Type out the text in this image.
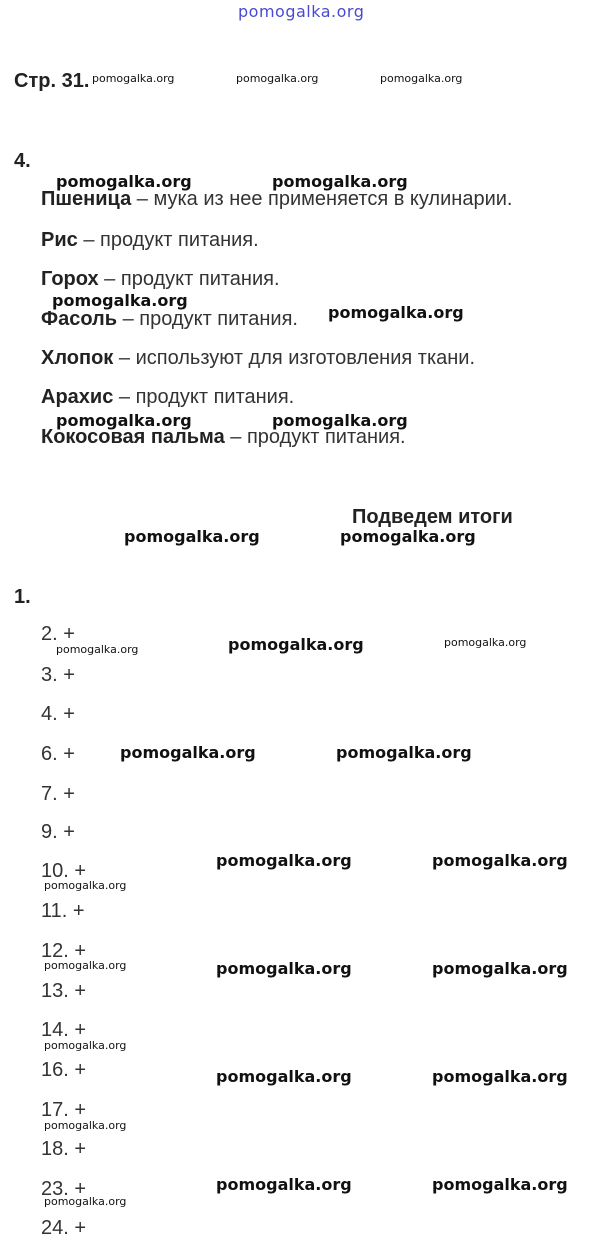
pomogalka.org
Стр. 31. pomogalka.org	pomogalka.org	pomogalka.org
4.
pomogalka.org	pomogalka.org
Пшеница – мука из нее применяется в кулинарии.
Рис – продукт питания.
Горох – продукт питания.
pomogalka.org
Фасоль – продукт питания. pomogalka.org
Хлопок – используют для изготовления ткани.
Арахис – продукт питания.
pomogalka.org	pomogalka.org
Кокосовая пальма – продукт питания.
Подведем итоги
pomogalka.org	pomogalka.org
1.
2. +
pomogalka.org	pomogalka.org	pomogalka.org
3. +
4. +
6. +	pomogalka.org	pomogalka.org
7. +
9. +
10. +
pomogalka.org
pomogalka.org	pomogalka.org
11. +
12. +
pomogalka.org	pomogalka.org	pomogalka.org
13. +
14. +
pomogalka.org
16. +	pomogalka.org	pomogalka.org
17. +
pomogalka.org
18. +
23. +
pomogalka.org
pomogalka.org	pomogalka.org
24. +
